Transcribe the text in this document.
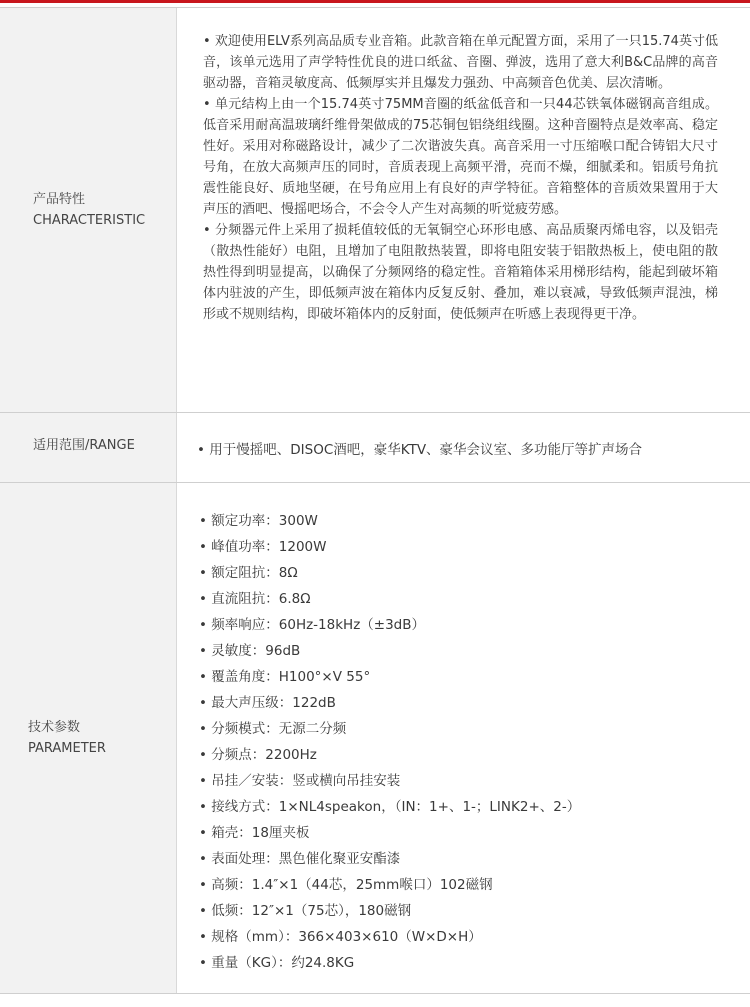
产品特性
CHARACTERISTIC

• 欢迎使用ELV系列高品质专业音箱。此款音箱在单元配置方面，采用了一只15.74英寸低音，该单元选用了声学特性优良的进口纸盆、音圈、弹波，选用了意大利B&C品牌的高音驱动器，音箱灵敏度高、低频厚实并且爆发力强劲、中高频音色优美、层次清晰。

• 单元结构上由一个15.74英寸75MM音圈的纸盆低音和一只44芯铁氧体磁钢高音组成。低音采用耐高温玻璃纤维骨架做成的75芯铜包铝绕组线圈。这种音圈特点是效率高、稳定性好。采用对称磁路设计，减少了二次谐波失真。高音采用一寸压缩喉口配合铸铝大尺寸号角，在放大高频声压的同时，音质表现上高频平滑，亮而不燥，细腻柔和。铝质号角抗震性能良好、质地坚硬，在号角应用上有良好的声学特征。音箱整体的音质效果置用于大声压的酒吧、慢摇吧场合，不会令人产生对高频的听觉疲劳感。

• 分频器元件上采用了损耗值较低的无氧铜空心环形电感、高品质聚丙烯电容，以及铝壳（散热性能好）电阻，且增加了电阻散热装置，即将电阻安装于铝散热板上，使电阻的散热性得到明显提高，以确保了分频网络的稳定性。音箱箱体采用梯形结构，能起到破坏箱体内驻波的产生，即低频声波在箱体内反复反射、叠加，难以衰减，导致低频声混浊，梯形或不规则结构，即破坏箱体内的反射面，使低频声在听感上表现得更干净。

适用范围/RANGE

•	用于慢摇吧、DISOC酒吧，豪华KTV、豪华会议室、多功能厅等扩声场合

技术参数
PARAMETER
• 额定功率：300W
• 峰值功率：1200W
• 额定阻抗：8Ω
• 直流阻抗：6.8Ω
• 频率响应：60Hz-18kHz（±3dB）
• 灵敏度：96dB
• 覆盖角度：H100°×V 55°
• 最大声压级：122dB
• 分频模式：无源二分频
• 分频点：2200Hz
• 吊挂／安装：竖或横向吊挂安装
• 接线方式：1×NL4speakon，（IN：1+、1-；LINK2+、2-）
• 箱壳：18厘夹板
• 表面处理：黑色催化聚亚安酯漆
• 高频：1.4″×1（44芯，25mm喉口）102磁钢
• 低频：12″×1（75芯），180磁钢
• 规格（mm）：366×403×610（W×D×H）
• 重量（KG）：约24.8KG
